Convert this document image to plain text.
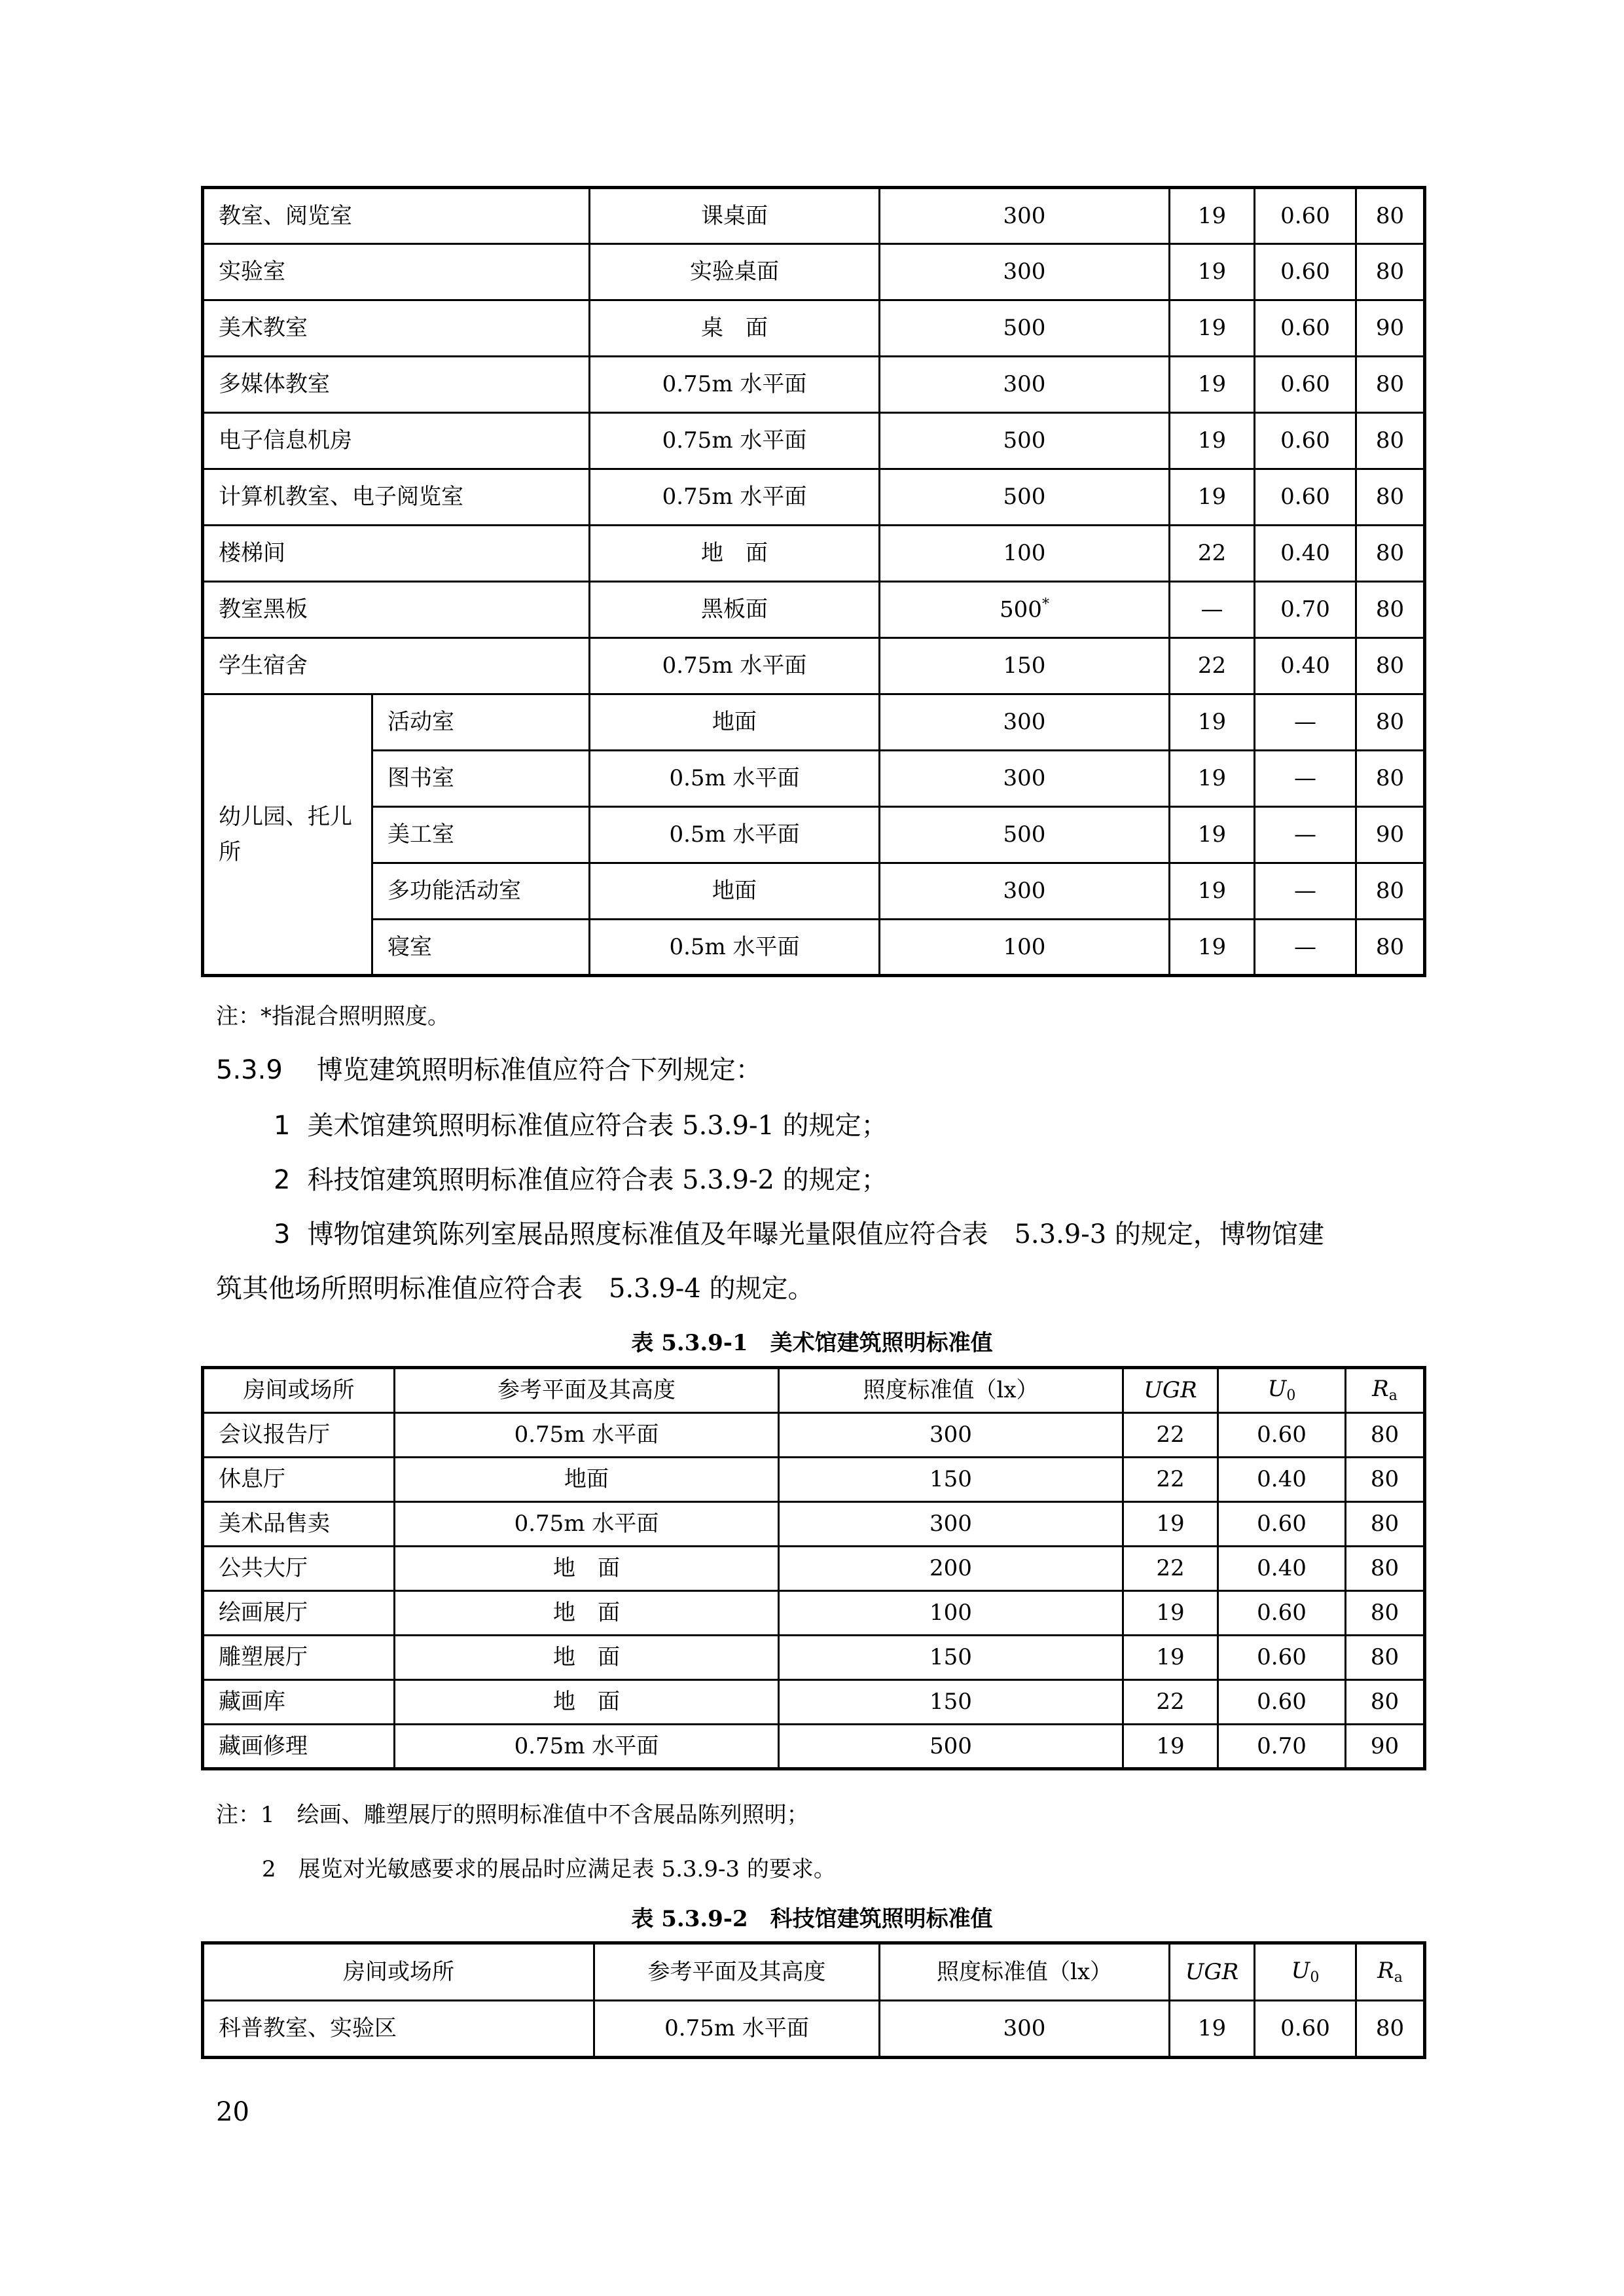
教室、阅览室		课桌面	300	19	0.60	80
实验室		实验桌面	300	19	0.60	80
美术教室		桌　面	500	19	0.60	90
多媒体教室		0.75m 水平面	300	19	0.60	80
电子信息机房		0.75m 水平面	500	19	0.60	80
计算机教室、电子阅览室		0.75m 水平面	500	19	0.60	80
楼梯间		地　面	100	22	0.40	80
教室黑板		黑板面	500*	—	0.70	80
学生宿舍		0.75m 水平面	150	22	0.40	80
幼儿园、托儿所	活动室	地面	300	19	—	80
	图书室	0.5m 水平面	300	19	—	80
	美工室	0.5m 水平面	500	19	—	90
	多功能活动室	地面	300	19	—	80
	寝室	0.5m 水平面	100	19	—	80
注：*指混合照明照度。
5.3.9 博览建筑照明标准值应符合下列规定：
1 美术馆建筑照明标准值应符合表 5.3.9-1 的规定；
2 科技馆建筑照明标准值应符合表 5.3.9-2 的规定；
3 博物馆建筑陈列室展品照度标准值及年曝光量限值应符合表　5.3.9-3 的规定，博物馆建
筑其他场所照明标准值应符合表　5.3.9-4 的规定。
表 5.3.9-1　美术馆建筑照明标准值
房间或场所	参考平面及其高度	照度标准值（lx）	UGR	$U_0$	$R_a$
会议报告厅	0.75m 水平面	300	22	0.60	80
休息厅	地面	150	22	0.40	80
美术品售卖	0.75m 水平面	300	19	0.60	80
公共大厅	地　面	200	22	0.40	80
绘画展厅	地　面	100	19	0.60	80
雕塑展厅	地　面	150	19	0.60	80
藏画库	地　面	150	22	0.60	80
藏画修理	0.75m 水平面	500	19	0.70	90
注：1　绘画、雕塑展厅的照明标准值中不含展品陈列照明；
2　展览对光敏感要求的展品时应满足表 5.3.9-3 的要求。
表 5.3.9-2　科技馆建筑照明标准值
房间或场所	参考平面及其高度	照度标准值（lx）	UGR	$U_0$	$R_a$
科普教室、实验区	0.75m 水平面	300	19	0.60	80
20
